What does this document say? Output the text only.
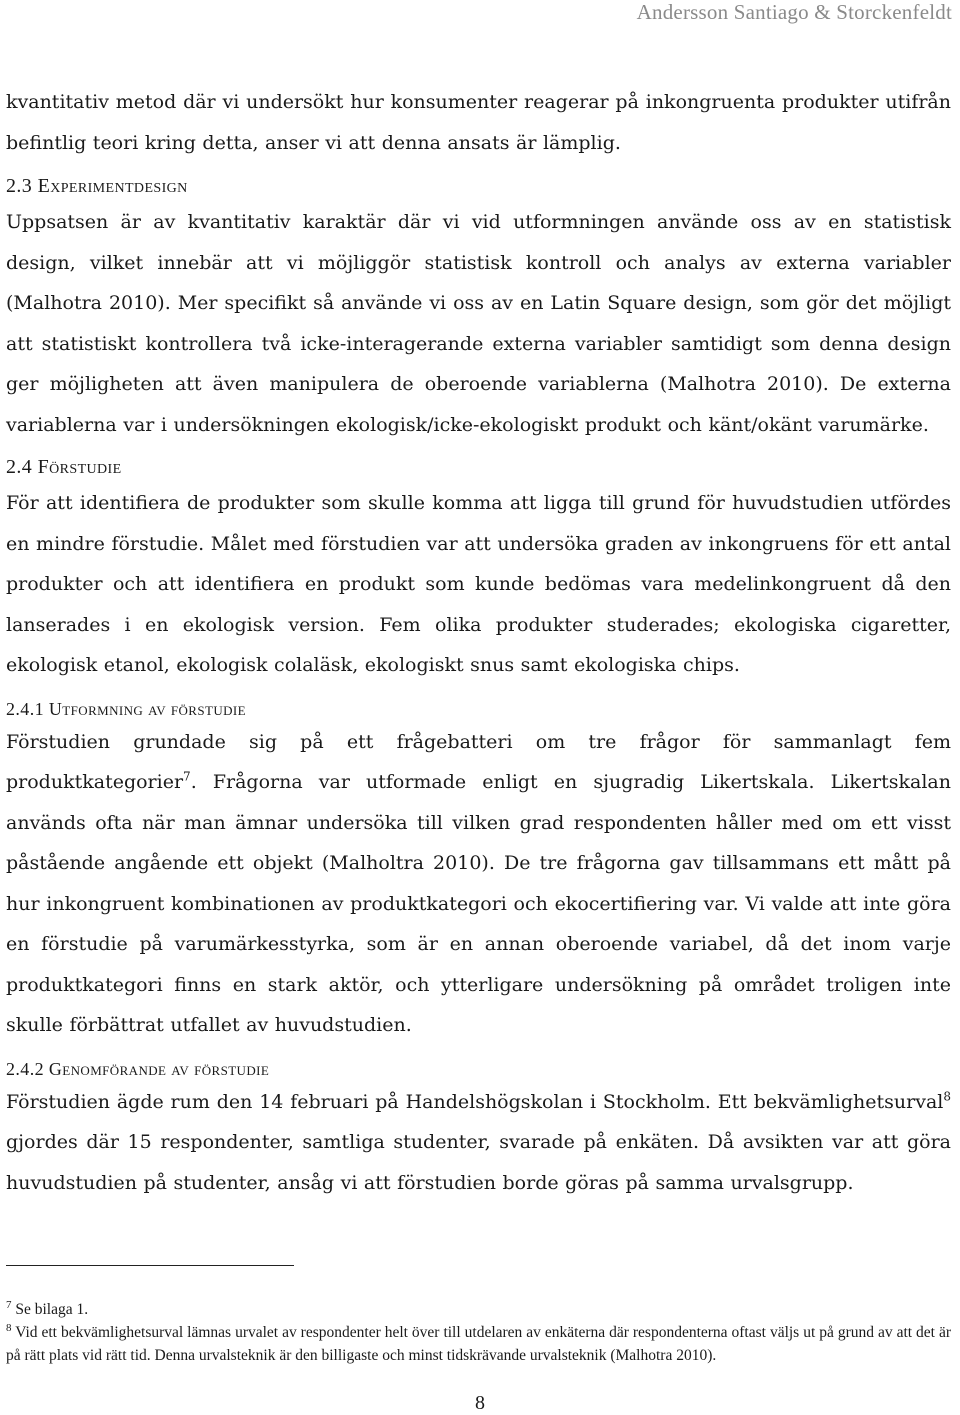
Andersson Santiago & Storckenfeldt

kvantitativ metod där vi undersökt hur konsumenter reagerar på inkongruenta produkter utifrån befintlig teori kring detta, anser vi att denna ansats är lämplig.

2.3 Experimentdesign

Uppsatsen är av kvantitativ karaktär där vi vid utformningen använde oss av en statistisk design, vilket innebär att vi möjliggör statistisk kontroll och analys av externa variabler (Malhotra 2010). Mer specifikt så använde vi oss av en Latin Square design, som gör det möjligt att statistiskt kontrollera två icke-interagerande externa variabler samtidigt som denna design ger möjligheten att även manipulera de oberoende variablerna (Malhotra 2010). De externa variablerna var i undersökningen ekologisk/icke-ekologiskt produkt och känt/okänt varumärke.

2.4 Förstudie

För att identifiera de produkter som skulle komma att ligga till grund för huvudstudien utfördes en mindre förstudie. Målet med förstudien var att undersöka graden av inkongruens för ett antal produkter och att identifiera en produkt som kunde bedömas vara medelinkongruent då den lanserades i en ekologisk version. Fem olika produkter studerades; ekologiska cigaretter, ekologisk etanol, ekologisk colaläsk, ekologiskt snus samt ekologiska chips.

2.4.1 Utformning av förstudie

Förstudien grundade sig på ett frågebatteri om tre frågor för sammanlagt fem produktkategorier$^7$. Frågorna var utformade enligt en sjugradig Likertskala. Likertskalan används ofta när man ämnar undersöka till vilken grad respondenten håller med om ett visst påstående angående ett objekt (Malholtra 2010). De tre frågorna gav tillsammans ett mått på hur inkongruent kombinationen av produktkategori och ekocertifiering var. Vi valde att inte göra en förstudie på varumärkesstyrka, som är en annan oberoende variabel, då det inom varje produktkategori finns en stark aktör, och ytterligare undersökning på området troligen inte skulle förbättrat utfallet av huvudstudien.

2.4.2 Genomförande av förstudie

Förstudien ägde rum den 14 februari på Handelshögskolan i Stockholm. Ett bekvämlighetsurval$^8$ gjordes där 15 respondenter, samtliga studenter, svarade på enkäten. Då avsikten var att göra huvudstudien på studenter, ansåg vi att förstudien borde göras på samma urvalsgrupp.

$^7$ Se bilaga 1.

$^8$ Vid ett bekvämlighetsurval lämnas urvalet av respondenter helt över till utdelaren av enkäterna där respondenterna oftast väljs ut på grund av att det är på rätt plats vid rätt tid. Denna urvalsteknik är den billigaste och minst tidskrävande urvalsteknik (Malhotra 2010).

8
